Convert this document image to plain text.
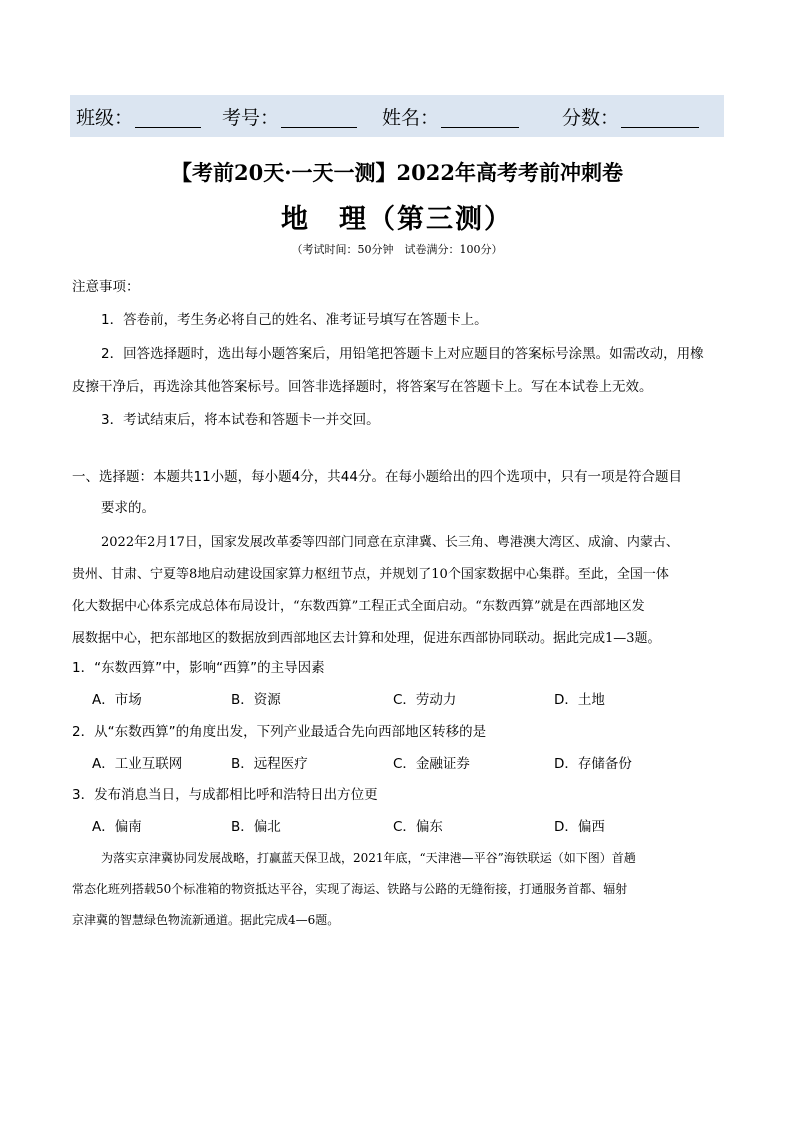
班级：	考号：	姓名：	分数：
【考前20天·一天一测】2022年高考考前冲刺卷
地　理（第三测）
（考试时间：50分钟　试卷满分：100分）
注意事项：
1．答卷前，考生务必将自己的姓名、准考证号填写在答题卡上。
2．回答选择题时，选出每小题答案后，用铅笔把答题卡上对应题目的答案标号涂黑。如需改动，用橡
皮擦干净后，再选涂其他答案标号。回答非选择题时，将答案写在答题卡上。写在本试卷上无效。
3．考试结束后，将本试卷和答题卡一并交回。
一、选择题：本题共11小题，每小题4分，共44分。在每小题给出的四个选项中，只有一项是符合题目
要求的。
2022年2月17日，国家发展改革委等四部门同意在京津冀、长三角、粤港澳大湾区、成渝、内蒙古、
贵州、甘肃、宁夏等8地启动建设国家算力枢纽节点，并规划了10个国家数据中心集群。至此，全国一体
化大数据中心体系完成总体布局设计，“东数西算”工程正式全面启动。“东数西算”就是在西部地区发
展数据中心，把东部地区的数据放到西部地区去计算和处理，促进东西部协同联动。据此完成1—3题。
1．“东数西算”中，影响“西算”的主导因素
A．市场	B．资源	C．劳动力	D．土地
2．从“东数西算”的角度出发，下列产业最适合先向西部地区转移的是
A．工业互联网	B．远程医疗	C．金融证券	D．存储备份
3．发布消息当日，与成都相比呼和浩特日出方位更
A．偏南	B．偏北	C．偏东	D．偏西
为落实京津冀协同发展战略，打赢蓝天保卫战，2021年底，“天津港—平谷”海铁联运（如下图）首趟
常态化班列搭载50个标准箱的物资抵达平谷，实现了海运、铁路与公路的无缝衔接，打通服务首都、辐射
京津冀的智慧绿色物流新通道。据此完成4—6题。
